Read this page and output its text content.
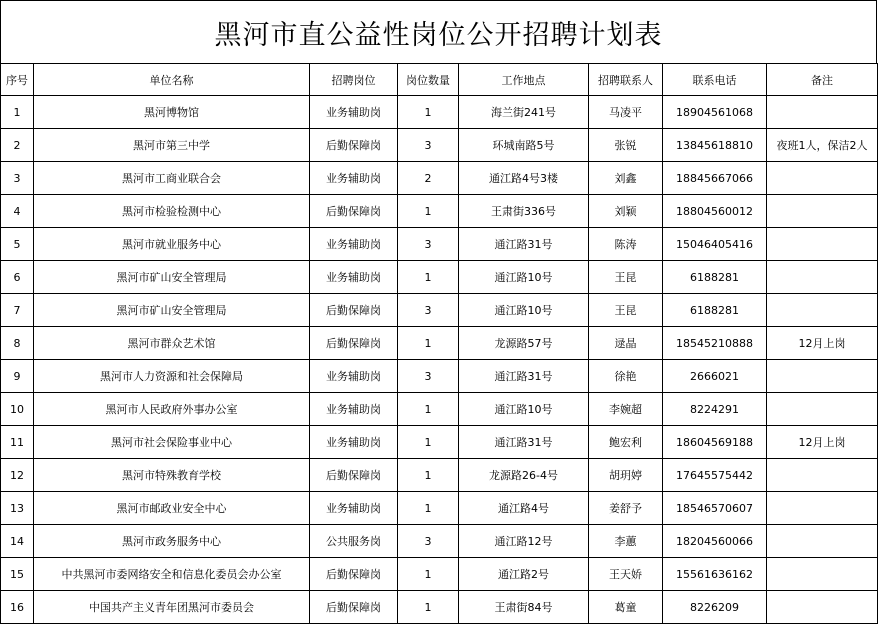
黑河市直公益性岗位公开招聘计划表
序号	单位名称	招聘岗位	岗位数量	工作地点	招聘联系人	联系电话	备注
1	黑河博物馆	业务辅助岗	1	海兰街241号	马凌平	18904561068	
2	黑河市第三中学	后勤保障岗	3	环城南路5号	张锐	13845618810	夜班1人，保洁2人
3	黑河市工商业联合会	业务辅助岗	2	通江路4号3楼	刘鑫	18845667066	
4	黑河市检验检测中心	后勤保障岗	1	王肃街336号	刘颖	18804560012	
5	黑河市就业服务中心	业务辅助岗	3	通江路31号	陈涛	15046405416	
6	黑河市矿山安全管理局	业务辅助岗	1	通江路10号	王昆	6188281	
7	黑河市矿山安全管理局	后勤保障岗	3	通江路10号	王昆	6188281	
8	黑河市群众艺术馆	后勤保障岗	1	龙源路57号	逯晶	18545210888	12月上岗
9	黑河市人力资源和社会保障局	业务辅助岗	3	通江路31号	徐艳	2666021	
10	黑河市人民政府外事办公室	业务辅助岗	1	通江路10号	李婉超	8224291	
11	黑河市社会保险事业中心	业务辅助岗	1	通江路31号	鲍宏利	18604569188	12月上岗
12	黑河市特殊教育学校	后勤保障岗	1	龙源路26-4号	胡玥婷	17645575442	
13	黑河市邮政业安全中心	业务辅助岗	1	通江路4号	姜舒予	18546570607	
14	黑河市政务服务中心	公共服务岗	3	通江路12号	李蕙	18204560066	
15	中共黑河市委网络安全和信息化委员会办公室	后勤保障岗	1	通江路2号	王天娇	15561636162	
16	中国共产主义青年团黑河市委员会	后勤保障岗	1	王肃街84号	葛童	8226209	
